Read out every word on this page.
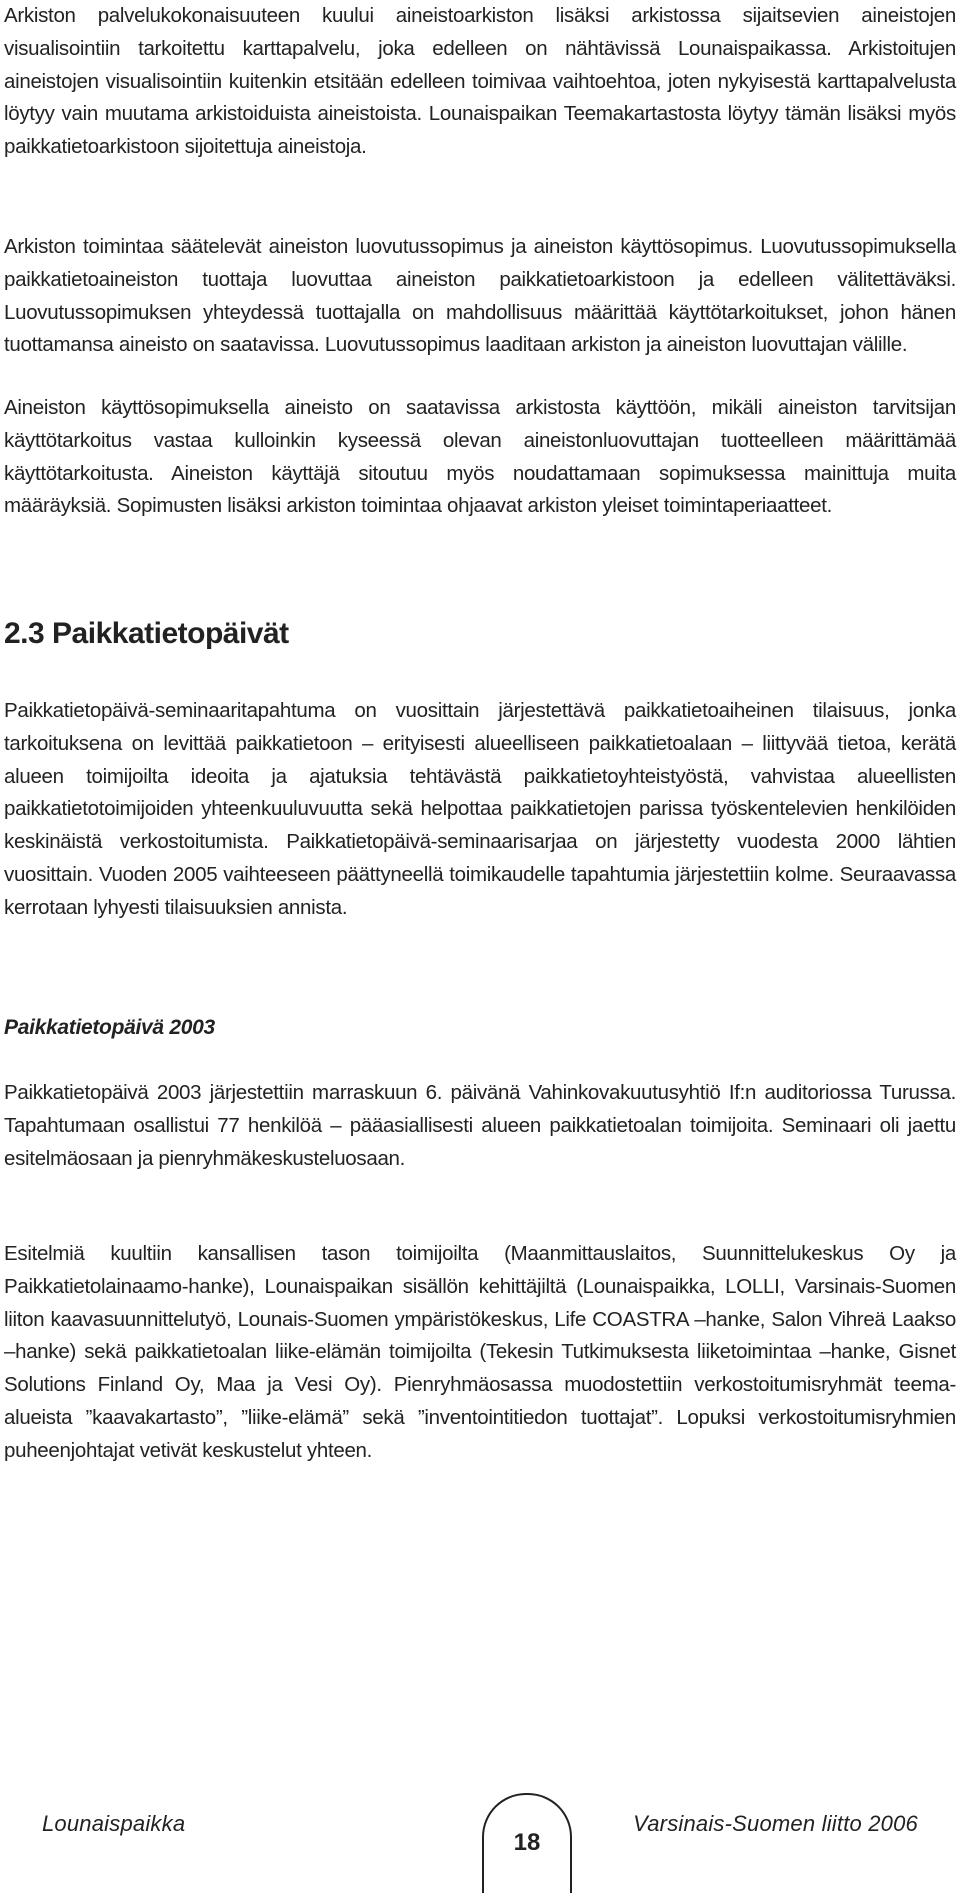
Arkiston palvelukokonaisuuteen kuului aineistoarkiston lisäksi arkistossa sijaitsevien aineistojen visualisointiin tarkoitettu karttapalvelu, joka edelleen on nähtävissä Lounaispaikassa. Arkistoitujen aineistojen visualisointiin kuitenkin etsitään edelleen toimivaa vaihtoehtoa, joten nykyisestä karttapalvelusta löytyy vain muutama arkistoiduista aineistoista. Lounaispaikan Teemakartastosta löytyy tämän lisäksi myös paikkatietoarkistoon sijoitettuja aineistoja.

Arkiston toimintaa säätelevät aineiston luovutussopimus ja aineiston käyttösopimus. Luovutussopimuksella paikkatietoaineiston tuottaja luovuttaa aineiston paikkatietoarkistoon ja edelleen välitettäväksi. Luovutussopimuksen yhteydessä tuottajalla on mahdollisuus määrittää käyttötarkoitukset, johon hänen tuottamansa aineisto on saatavissa. Luovutussopimus laaditaan arkiston ja aineiston luovuttajan välille.

Aineiston käyttösopimuksella aineisto on saatavissa arkistosta käyttöön, mikäli aineiston tarvitsijan käyttötarkoitus vastaa kulloinkin kyseessä olevan aineistonluovuttajan tuotteelleen määrittämää käyttötarkoitusta. Aineiston käyttäjä sitoutuu myös noudattamaan sopimuksessa mainittuja muita määräyksiä. Sopimusten lisäksi arkiston toimintaa ohjaavat arkiston yleiset toimintaperiaatteet.

2.3 Paikkatietopäivät

Paikkatietopäivä-seminaaritapahtuma on vuosittain järjestettävä paikkatietoaiheinen tilaisuus, jonka tarkoituksena on levittää paikkatietoon – erityisesti alueelliseen paikkatietoalaan – liittyvää tietoa, kerätä alueen toimijoilta ideoita ja ajatuksia tehtävästä paikkatietoyhteistyöstä, vahvistaa alueellisten paikkatietotoimijoiden yhteenkuuluvuutta sekä helpottaa paikkatietojen parissa työskentelevien henkilöiden keskinäistä verkostoitumista. Paikkatietopäivä-seminaarisarjaa on järjestetty vuodesta 2000 lähtien vuosittain. Vuoden 2005 vaihteeseen päättyneellä toimikaudelle tapahtumia järjestettiin kolme. Seuraavassa kerrotaan lyhyesti tilaisuuksien annista.

Paikkatietopäivä 2003

Paikkatietopäivä 2003 järjestettiin marraskuun 6. päivänä Vahinkovakuutusyhtiö If:n auditoriossa Turussa. Tapahtumaan osallistui 77 henkilöä – pääasiallisesti alueen paikkatietoalan toimijoita. Seminaari oli jaettu esitelmäosaan ja pienryhmäkeskusteluosaan.

Esitelmiä kuultiin kansallisen tason toimijoilta (Maanmittauslaitos, Suunnittelukeskus Oy ja Paikkatietolainaamo-hanke), Lounaispaikan sisällön kehittäjiltä (Lounaispaikka, LOLLI, Varsinais-Suomen liiton kaavasuunnittelutyö, Lounais-Suomen ympäristökeskus, Life COASTRA –hanke, Salon Vihreä Laakso –hanke) sekä paikkatietoalan liike-elämän toimijoilta (Tekesin Tutkimuksesta liiketoimintaa –hanke, Gisnet Solutions Finland Oy, Maa ja Vesi Oy). Pienryhmäosassa muodostettiin verkostoitumisryhmät teema-alueista ”kaavakartasto”, ”liike-elämä” sekä ”inventointitiedon tuottajat”. Lopuksi verkostoitumisryhmien puheenjohtajat vetivät keskustelut yhteen.

Lounaispaikka
18
Varsinais-Suomen liitto 2006
